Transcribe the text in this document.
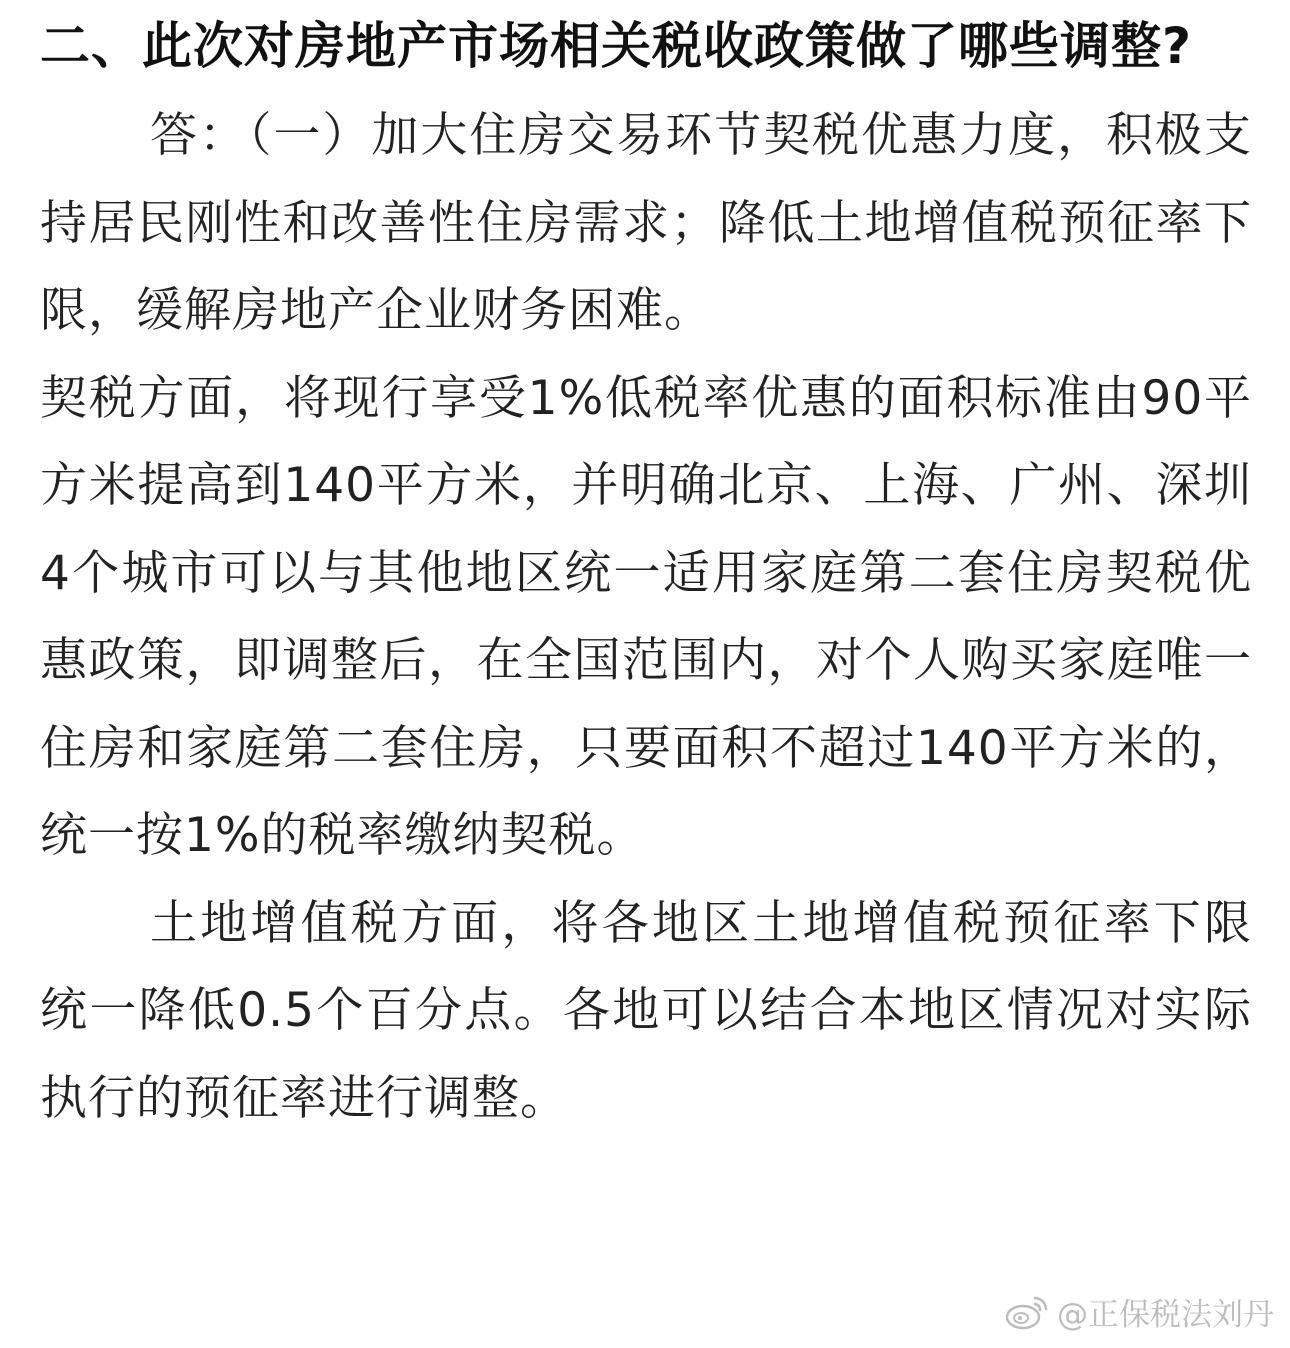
二、此次对房地产市场相关税收政策做了哪些调整?

答：（一）加大住房交易环节契税优惠力度，积极支持居民刚性和改善性住房需求；降低土地增值税预征率下限，缓解房地产企业财务困难。

契税方面，将现行享受1%低税率优惠的面积标准由90平方米提高到140平方米，并明确北京、上海、广州、深圳4个城市可以与其他地区统一适用家庭第二套住房契税优惠政策，即调整后，在全国范围内，对个人购买家庭唯一住房和家庭第二套住房，只要面积不超过140平方米的，统一按1%的税率缴纳契税。

土地增值税方面，将各地区土地增值税预征率下限统一降低0.5个百分点。各地可以结合本地区情况对实际执行的预征率进行调整。

@正保税法刘丹
